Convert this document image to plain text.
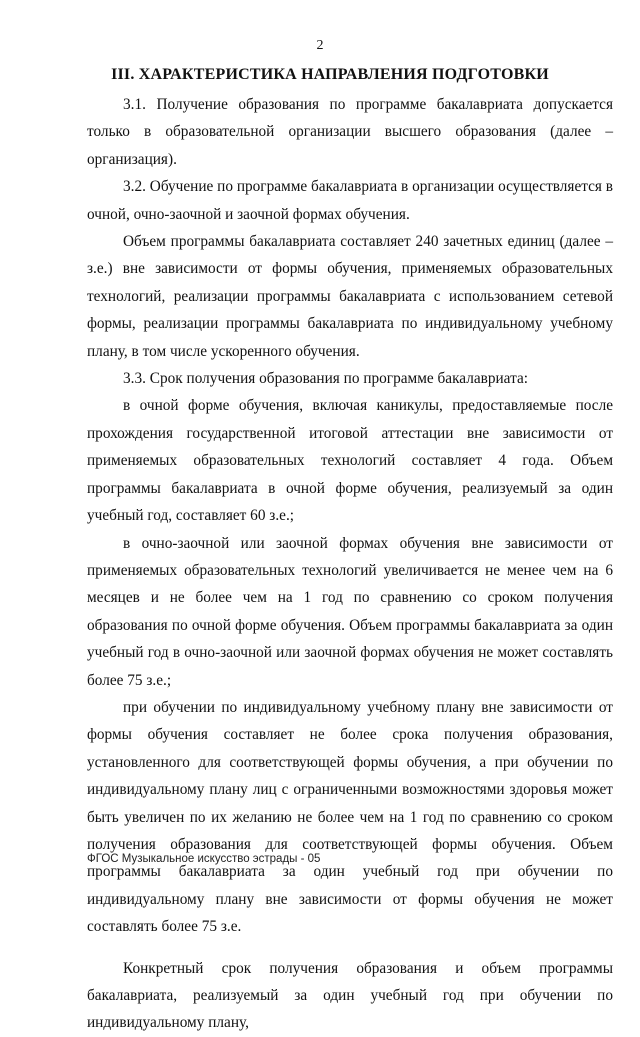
2
III. ХАРАКТЕРИСТИКА НАПРАВЛЕНИЯ ПОДГОТОВКИ

3.1. Получение образования по программе бакалавриата допускается только в образовательной организации высшего образования (далее – организация).

3.2. Обучение по программе бакалавриата в организации осуществляется в очной, очно-заочной и заочной формах обучения.

Объем программы бакалавриата составляет 240 зачетных единиц (далее – з.е.) вне зависимости от формы обучения, применяемых образовательных технологий, реализации программы бакалавриата с использованием сетевой формы, реализации программы бакалавриата по индивидуальному учебному плану, в том числе ускоренного обучения.

3.3. Срок получения образования по программе бакалавриата:

в очной форме обучения, включая каникулы, предоставляемые после прохождения государственной итоговой аттестации вне зависимости от применяемых образовательных технологий составляет 4 года. Объем программы бакалавриата в очной форме обучения, реализуемый за один учебный год, составляет 60 з.е.;

в очно-заочной или заочной формах обучения вне зависимости от применяемых образовательных технологий увеличивается не менее чем на 6 месяцев и не более чем на 1 год по сравнению со сроком получения образования по очной форме обучения. Объем программы бакалавриата за один учебный год в очно-заочной или заочной формах обучения не может составлять более 75 з.е.;

при обучении по индивидуальному учебному плану вне зависимости от формы обучения составляет не более срока получения образования, установленного для соответствующей формы обучения, а при обучении по индивидуальному плану лиц с ограниченными возможностями здоровья может быть увеличен по их желанию не более чем на 1 год по сравнению со сроком получения образования для соответствующей формы обучения. Объем программы бакалавриата за один учебный год при обучении по индивидуальному плану вне зависимости от формы обучения не может составлять более 75 з.е.

Конкретный срок получения образования и объем программы бакалавриата, реализуемый за один учебный год при обучении по индивидуальному плану,

ФГОС Музыкальное искусство эстрады - 05
